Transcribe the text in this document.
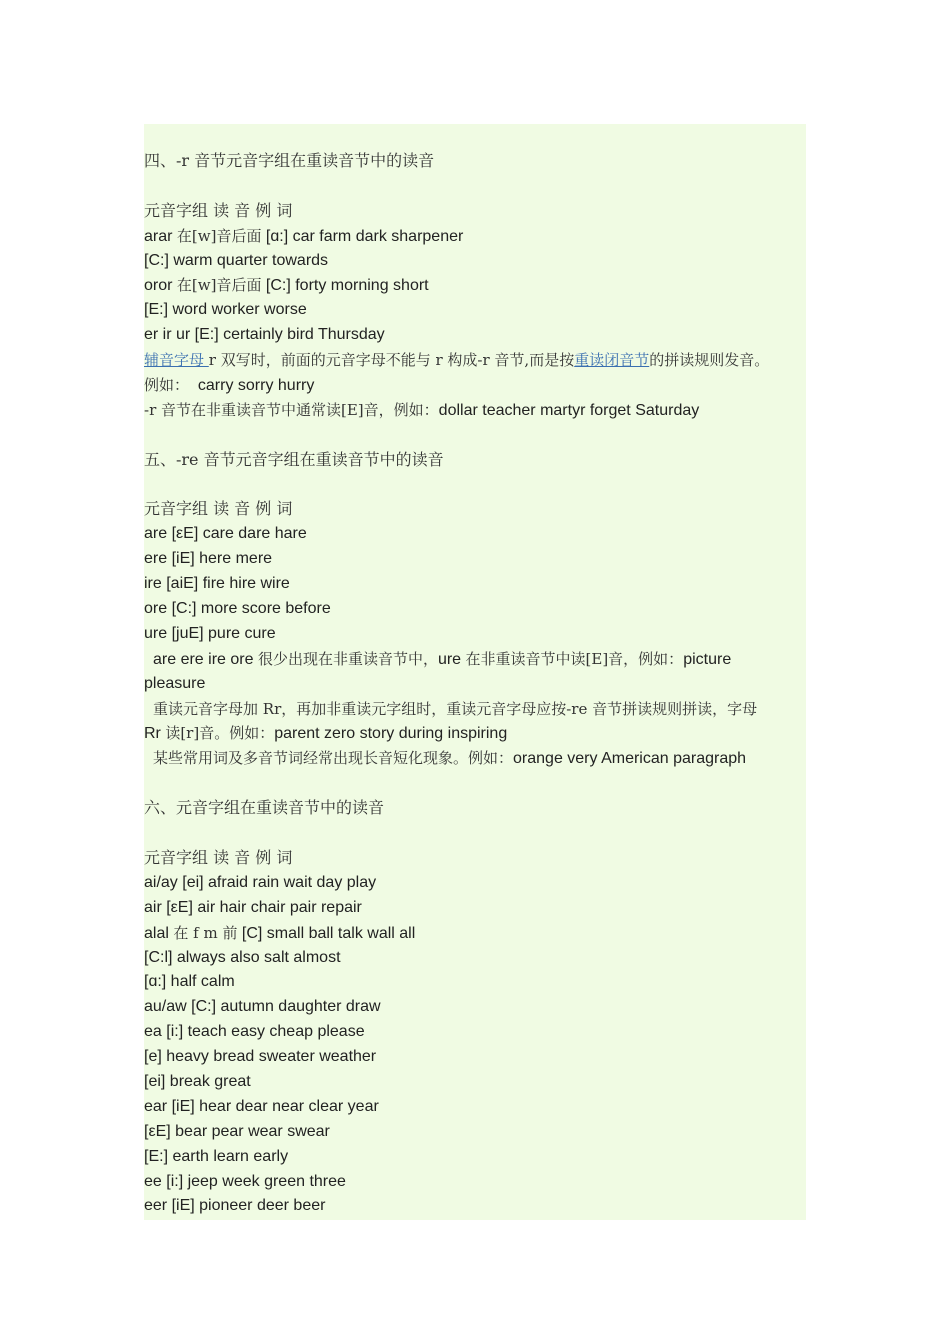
四、-r 音节元音字组在重读音节中的读音
元音字组 读 音 例 词
arar 在[w]音后面 [ɑ:] car farm dark sharpener
[C:] warm quarter towards
oror 在[w]音后面 [C:] forty morning short
[E:] word worker worse
er ir ur [E:] certainly bird Thursday
辅音字母 r 双写时，前面的元音字母不能与 r 构成-r 音节,而是按重读闭音节的拼读规则发音。
例如：  carry sorry hurry
-r 音节在非重读音节中通常读[E]音，例如：dollar teacher martyr forget Saturday
五、-re 音节元音字组在重读音节中的读音
元音字组 读 音 例 词
are [εE] care dare hare
ere [iE] here mere
ire [aiE] fire hire wire
ore [C:] more score before
ure [juE] pure cure
are ere ire ore 很少出现在非重读音节中，ure 在非重读音节中读[E]音，例如：picture
pleasure
重读元音字母加 Rr，再加非重读元字组时，重读元音字母应按-re 音节拼读规则拼读，字母
Rr 读[r]音。例如：parent zero story during inspiring
某些常用词及多音节词经常出现长音短化现象。例如：orange very American paragraph
六、元音字组在重读音节中的读音
元音字组 读 音 例 词
ai/ay [ei] afraid rain wait day play
air [εE] air hair chair pair repair
alal 在 f m 前 [C] small ball talk wall all
[C:l] always also salt almost
[ɑ:] half calm
au/aw [C:] autumn daughter draw
ea [i:] teach easy cheap please
[e] heavy bread sweater weather
[ei] break great
ear [iE] hear dear near clear year
[εE] bear pear wear swear
[E:] earth learn early
ee [i:] jeep week green three
eer [iE] pioneer deer beer
